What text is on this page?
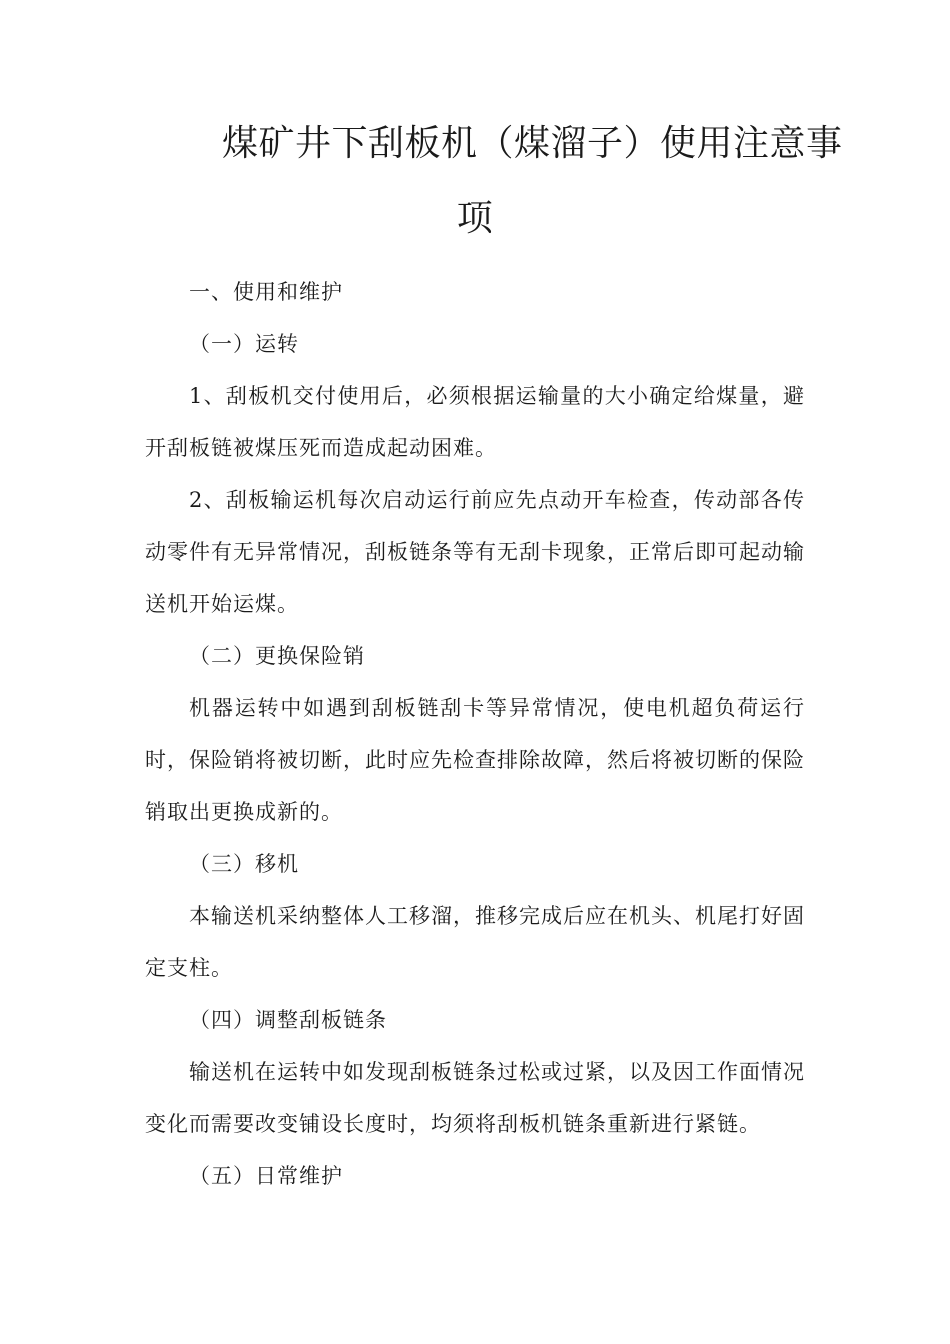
煤矿井下刮板机（煤溜子）使用注意事
项

一、使用和维护

（一）运转

1、刮板机交付使用后，必须根据运输量的大小确定给煤量，避开刮板链被煤压死而造成起动困难。

2、刮板输运机每次启动运行前应先点动开车检查，传动部各传动零件有无异常情况，刮板链条等有无刮卡现象，正常后即可起动输送机开始运煤。

（二）更换保险销

机器运转中如遇到刮板链刮卡等异常情况，使电机超负荷运行时，保险销将被切断，此时应先检查排除故障，然后将被切断的保险销取出更换成新的。

（三）移机

本输送机采纳整体人工移溜，推移完成后应在机头、机尾打好固定支柱。

（四）调整刮板链条

输送机在运转中如发现刮板链条过松或过紧，以及因工作面情况变化而需要改变铺设长度时，均须将刮板机链条重新进行紧链。

（五）日常维护
